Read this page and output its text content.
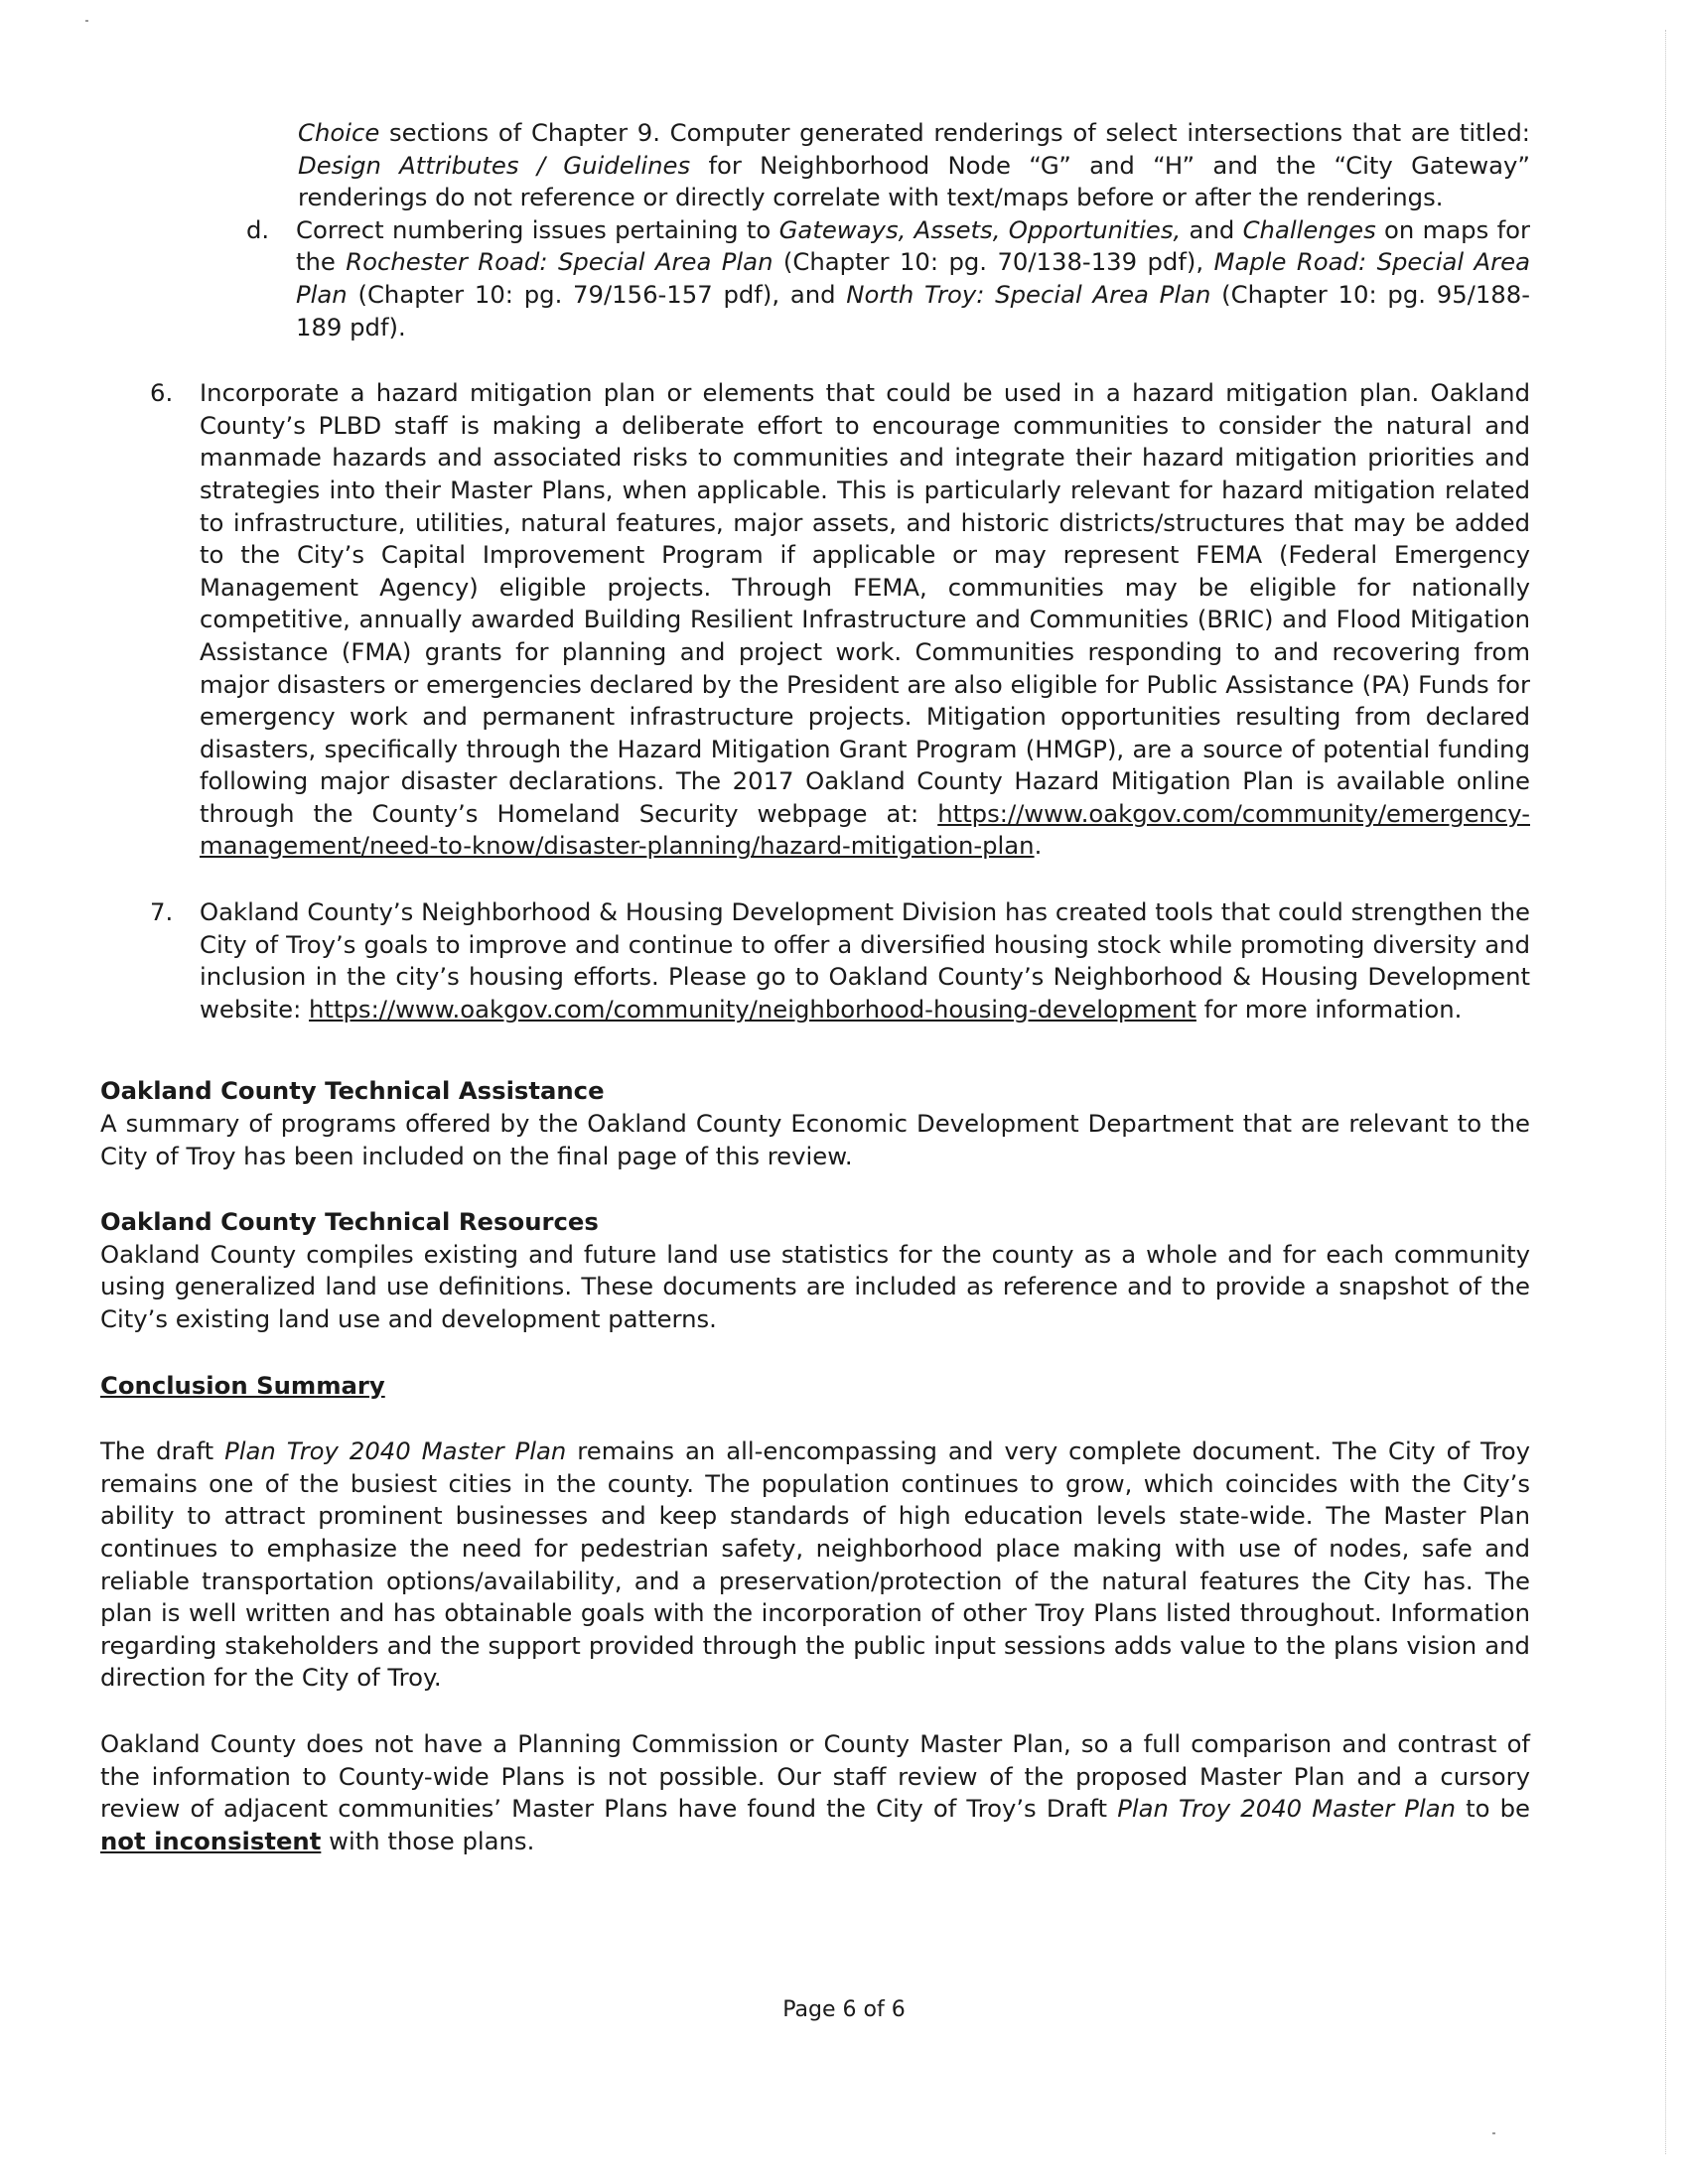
Choice sections of Chapter 9. Computer generated renderings of select intersections that are titled: Design Attributes / Guidelines for Neighborhood Node “G” and “H” and the “City Gateway” renderings do not reference or directly correlate with text/maps before or after the renderings.

d.	Correct numbering issues pertaining to Gateways, Assets, Opportunities, and Challenges on maps for the Rochester Road: Special Area Plan (Chapter 10: pg. 70/138-139 pdf), Maple Road: Special Area Plan (Chapter 10: pg. 79/156-157 pdf), and North Troy: Special Area Plan (Chapter 10: pg. 95/188-189 pdf).
6.	Incorporate a hazard mitigation plan or elements that could be used in a hazard mitigation plan. Oakland County’s PLBD staff is making a deliberate effort to encourage communities to consider the natural and manmade hazards and associated risks to communities and integrate their hazard mitigation priorities and strategies into their Master Plans, when applicable. This is particularly relevant for hazard mitigation related to infrastructure, utilities, natural features, major assets, and historic districts/structures that may be added to the City’s Capital Improvement Program if applicable or may represent FEMA (Federal Emergency Management Agency) eligible projects. Through FEMA, communities may be eligible for nationally competitive, annually awarded Building Resilient Infrastructure and Communities (BRIC) and Flood Mitigation Assistance (FMA) grants for planning and project work. Communities responding to and recovering from major disasters or emergencies declared by the President are also eligible for Public Assistance (PA) Funds for emergency work and permanent infrastructure projects. Mitigation opportunities resulting from declared disasters, specifically through the Hazard Mitigation Grant Program (HMGP), are a source of potential funding following major disaster declarations. The 2017 Oakland County Hazard Mitigation Plan is available online through the County’s Homeland Security webpage at: https://www.oakgov.com/community/emergency-management/need-to-know/disaster-planning/hazard-mitigation-plan.
7.	Oakland County’s Neighborhood & Housing Development Division has created tools that could strengthen the City of Troy’s goals to improve and continue to offer a diversified housing stock while promoting diversity and inclusion in the city’s housing efforts. Please go to Oakland County’s Neighborhood & Housing Development website: https://www.oakgov.com/community/neighborhood-housing-development for more information.
Oakland County Technical Assistance
A summary of programs offered by the Oakland County Economic Development Department that are relevant to the City of Troy has been included on the final page of this review.
Oakland County Technical Resources
Oakland County compiles existing and future land use statistics for the county as a whole and for each community using generalized land use definitions. These documents are included as reference and to provide a snapshot of the City’s existing land use and development patterns.
Conclusion Summary

The draft Plan Troy 2040 Master Plan remains an all-encompassing and very complete document. The City of Troy remains one of the busiest cities in the county. The population continues to grow, which coincides with the City’s ability to attract prominent businesses and keep standards of high education levels state-wide. The Master Plan continues to emphasize the need for pedestrian safety, neighborhood place making with use of nodes, safe and reliable transportation options/availability, and a preservation/protection of the natural features the City has. The plan is well written and has obtainable goals with the incorporation of other Troy Plans listed throughout. Information regarding stakeholders and the support provided through the public input sessions adds value to the plans vision and direction for the City of Troy.

Oakland County does not have a Planning Commission or County Master Plan, so a full comparison and contrast of the information to County-wide Plans is not possible. Our staff review of the proposed Master Plan and a cursory review of adjacent communities’ Master Plans have found the City of Troy’s Draft Plan Troy 2040 Master Plan to be not inconsistent with those plans.

Page 6 of 6
